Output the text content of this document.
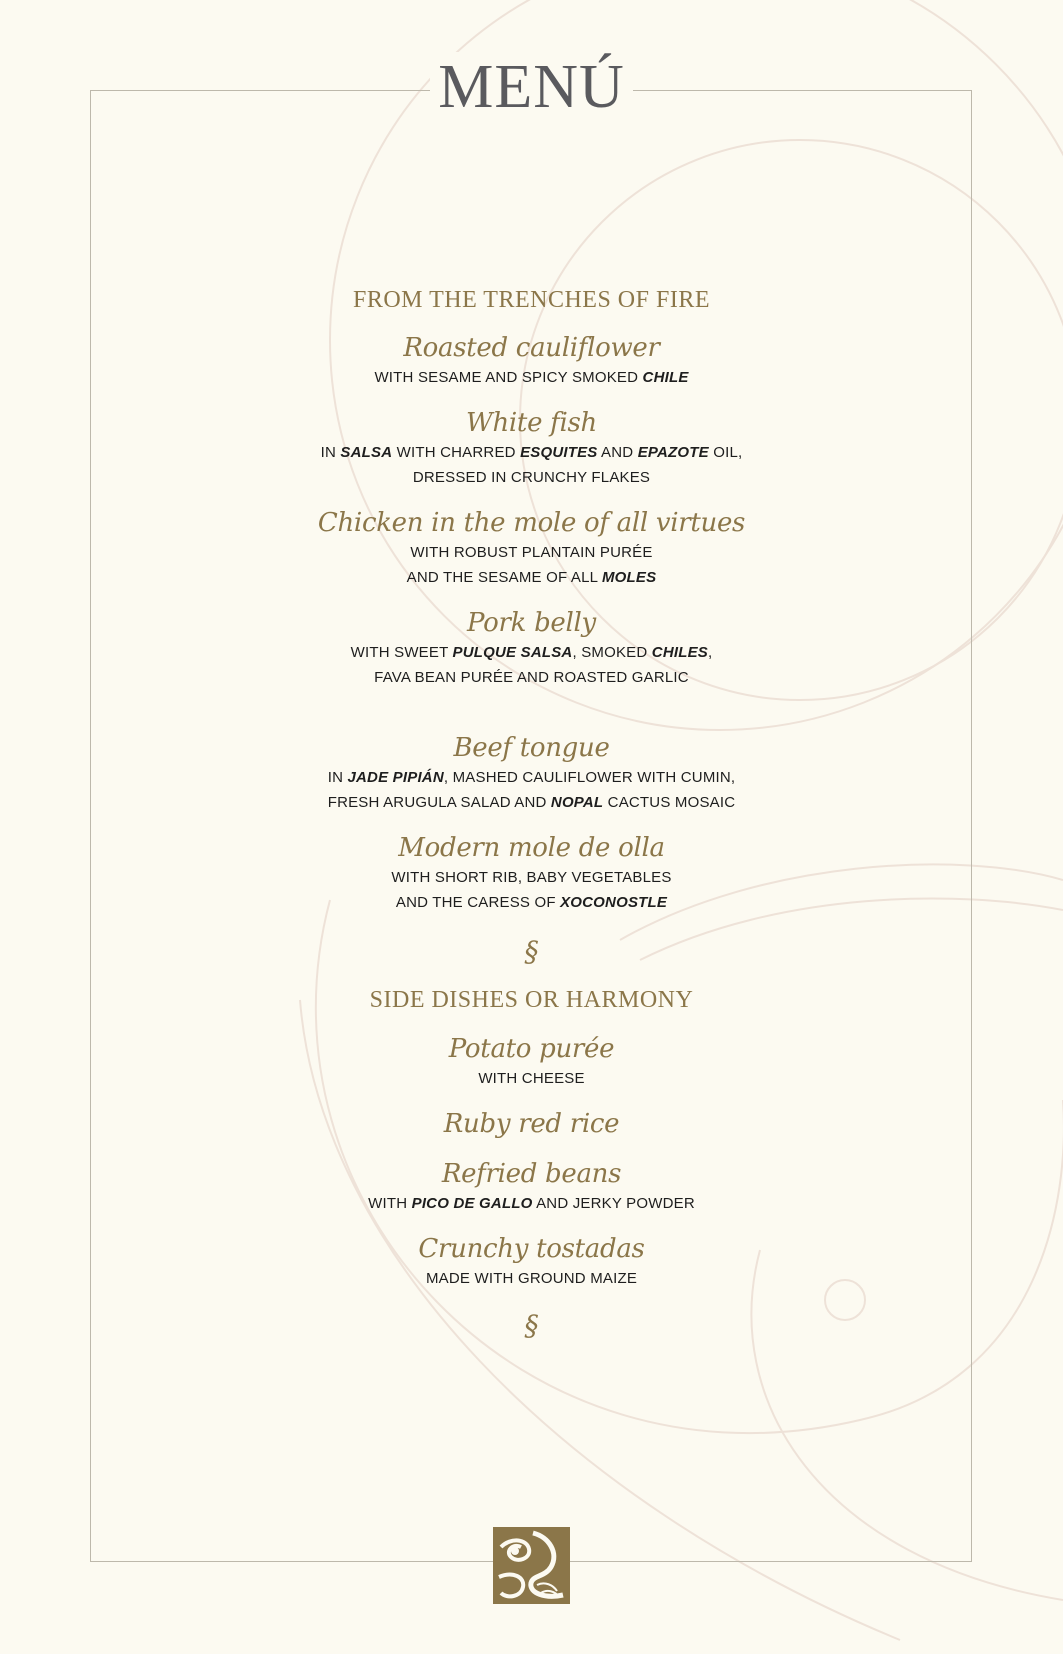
MENÚ
FROM THE TRENCHES OF FIRE
Roasted cauliflower
WITH SESAME AND SPICY SMOKED CHILE
White fish
IN SALSA WITH CHARRED ESQUITES AND EPAZOTE OIL,
DRESSED IN CRUNCHY FLAKES
Chicken in the mole of all virtues
WITH ROBUST PLANTAIN PURÉE
AND THE SESAME OF ALL MOLES
Pork belly
WITH SWEET PULQUE SALSA, SMOKED CHILES,
FAVA BEAN PURÉE AND ROASTED GARLIC
Beef tongue
IN JADE PIPIÁN, MASHED CAULIFLOWER WITH CUMIN,
FRESH ARUGULA SALAD AND NOPAL CACTUS MOSAIC
Modern mole de olla
WITH SHORT RIB, BABY VEGETABLES
AND THE CARESS OF XOCONOSTLE
§
SIDE DISHES OR HARMONY
Potato purée
WITH CHEESE
Ruby red rice
Refried beans
WITH PICO DE GALLO AND JERKY POWDER
Crunchy tostadas
MADE WITH GROUND MAIZE
§
